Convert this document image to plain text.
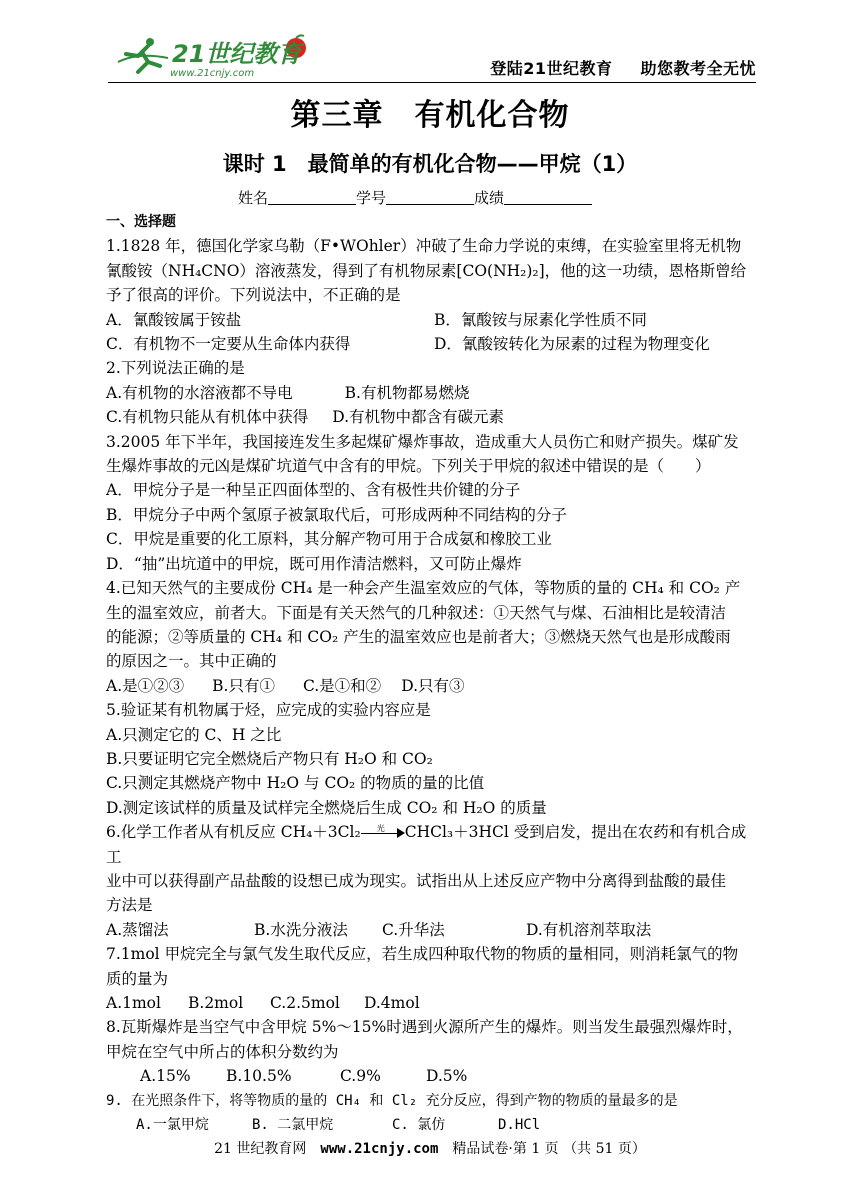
21世纪教育
www.21cnjy.com	登陆21世纪教育 助您教考全无忧
第三章　有机化合物
课时 1　最简单的有机化合物——甲烷（1）
姓名	学号	成绩

一、选择题

1.1828 年，德国化学家乌勒（F•WOhler）冲破了生命力学说的束缚，在实验室里将无机物

氰酸铵（NH₄CNO）溶液蒸发，得到了有机物尿素[CO(NH₂)₂]，他的这一功绩，恩格斯曾给

予了很高的评价。下列说法中，不正确的是

A．氰酸铵属于铵盐	B．氰酸铵与尿素化学性质不同
C．有机物不一定要从生命体内获得	D．氰酸铵转化为尿素的过程为物理变化

2.下列说法正确的是

A.有机物的水溶液都不导电	B.有机物都易燃烧

C.有机物只能从有机体中获得 D.有机物中都含有碳元素

3.2005 年下半年，我国接连发生多起煤矿爆炸事故，造成重大人员伤亡和财产损失。煤矿发

生爆炸事故的元凶是煤矿坑道气中含有的甲烷。下列关于甲烷的叙述中错误的是（　　）

A．甲烷分子是一种呈正四面体型的、含有极性共价键的分子

B．甲烷分子中两个氢原子被氯取代后，可形成两种不同结构的分子

C．甲烷是重要的化工原料，其分解产物可用于合成氨和橡胶工业

D．“抽”出坑道中的甲烷，既可用作清洁燃料，又可防止爆炸

4.已知天然气的主要成份 CH₄ 是一种会产生温室效应的气体，等物质的量的 CH₄ 和 CO₂ 产

生的温室效应，前者大。下面是有关天然气的几种叙述：①天然气与煤、石油相比是较清洁

的能源；②等质量的 CH₄ 和 CO₂ 产生的温室效应也是前者大；③燃烧天然气也是形成酸雨

的原因之一。其中正确的

A.是①②③ B.只有① C.是①和② D.只有③

5.验证某有机物属于烃，应完成的实验内容应是

A.只测定它的 C、H 之比

B.只要证明它完全燃烧后产物只有 H₂O 和 CO₂

C.只测定其燃烧产物中 H₂O 与 CO₂ 的物质的量的比值

D.测定该试样的质量及试样完全燃烧后生成 CO₂ 和 H₂O 的质量

6.化学工作者从有机反应 CH₄＋3Cl₂	光	CHCl₃＋3HCl 受到启发，提出在农药和有机合成工

业中可以获得副产品盐酸的设想已成为现实。试指出从上述反应产物中分离得到盐酸的最佳

方法是

A.蒸馏法	B.水洗分液法 C.升华法	D.有机溶剂萃取法

7.1mol 甲烷完全与氯气发生取代反应，若生成四种取代物的物质的量相同，则消耗氯气的物

质的量为

A.1mol B.2mol C.2.5mol D.4mol

8.瓦斯爆炸是当空气中含甲烷 5%～15%时遇到火源所产生的爆炸。则当发生最强烈爆炸时，

甲烷在空气中所占的体积分数约为

A.15% B.10.5%	C.9%	D.5%

9. 在光照条件下，将等物质的量的 CH₄ 和 Cl₂ 充分反应，得到产物的物质的量最多的是

A.一氯甲烷	B. 二氯甲烷	C. 氯仿	D.HCl

21 世纪教育网 www.21cnjy.com 精品试卷·第 1 页 （共 51 页）
